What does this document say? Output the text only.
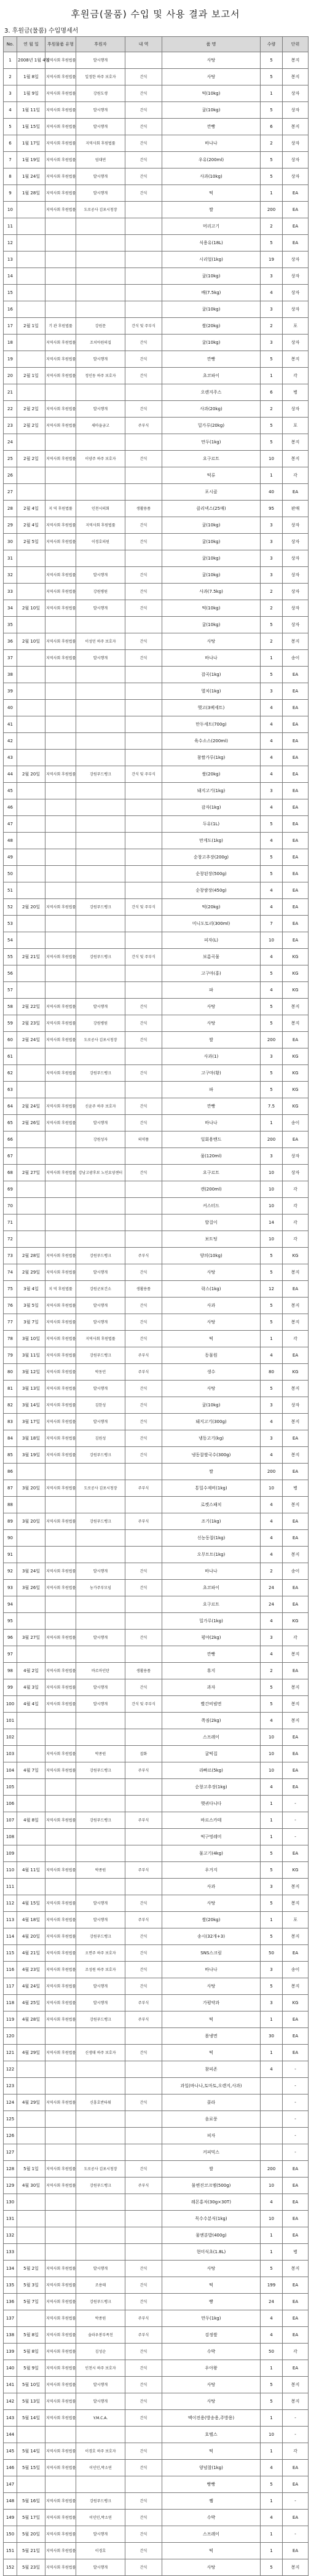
후원금(물품) 수입 및 사용 결과 보고서
3. 후원금(물품) 수입명세서
No.	연 월 일	후원물품 유형	후원자	내 역	품 명	수량	단위
1	2008년 1월 4일	지역사회 후원법률	발시행개		사탕	5	봉지
2	1월 8일	지역사회 후원법률	일정한 하주 보호자	간식	사탕	5	봉지
3	1월 9일	지역사회 후원법률	강원도생	간식	떡(10kg)	1	상자
4	1월 11일	지역사회 후원법률	발시행개	간식	귤(10kg)	5	상자
5	1월 15일	지역사회 후원법률	발시행개	간식	깐빵	6	봉지
6	1월 17일	지역사회 후원법률	지역사회 후원법률	간식	바나나	2	상자
7	1월 19일	지역사회 후원법률	엄대연	간식	우유(200ml)	5	상자
8	1월 24일	지역사회 후원법률	발시행개	간식	사과(10kg)	5	상자
9	1월 28일	지역사회 후원법률	발시행개	간식	떡	1	EA
10		지역사회 후원법률	도로공사 김포시청장		쌀	200	EA
11					머리고기	2	EA
12					식용유(18L)	5	EA
13					시리얼(1kg)	19	상자
14					귤(10kg)	3	상자
15					배(7.5kg)	4	상자
16					귤(10kg)	3	상자
17	2월 1일	기 관 후원법률	강원문	간식 및 주부식	쌀(20kg)	2	포
18		지역사회 후원법률	조치아원의집	간식	귤(10kg)	3	상자
19		지역사회 후원법률	발시행개	간식	깐빵	5	봉지
20	2월 1일	지역사회 후원법률	정인동 하주 보호자	간식	초코파이	1	각
21					오렌지주스	6	병
22	2월 2일	지역사회 후원법률	발시행개	간식	사과(20kg)	2	상자
23	2월 2일	지역사회 후원법률	새마을금고	주부식	밀가루(20kg)	5	포
24					만두(1kg)	5	봉지
25	2월 2일	지역사회 후원법률	이양주 하주 보호자	간식	요구르트	10	봉지
26					떡류	1	각
27					포시클	40	EA
28	2월 4일	지 역 후원법률	인천시의회	생활용품	클리넥스(25매)	95	판매
29	2월 4일	지역사회 후원법률	지역사회 후원법률	간식	귤(10kg)	3	상자
30	2월 5일	지역사회 후원법률	이경호의원	간식	귤(10kg)	3	상자
31					귤(10kg)	3	상자
32		지역사회 후원법률	발시행개	간식	귤(10kg)	3	상자
33		지역사회 후원법률	강원병원	간식	사과(7.5kg)	2	상자
34	2월 10일	지역사회 후원법률	발시행개	간식	떡(10kg)	2	상자
35					귤(10kg)	5	상자
36	2월 10일	지역사회 후원법률	이성민 하주 보호자	간식	사탕	2	봉지
37		지역사회 후원법률	발시행개	간식	바나나	1	송이
38					잡곡(1kg)	5	EA
39					멸치(1kg)	3	EA
40					햇고(3팩세트)	4	EA
41					만두세트(700g)	4	EA
42					육수소스(200ml)	4	EA
43					참쌀가루(1kg)	4	EA
44	2월 20일	지역사회 후원법률	강원푸드뱅크	간식 및 주부식	쌀(20kg)	4	EA
45					돼지고기(1kg)	3	EA
46					감자(1kg)	4	EA
47					두유(1L)	5	EA
48					만게도(1kg)	4	EA
49					순창고추장(200g)	5	EA
50					순창된장(500g)	5	EA
51					순창쌈장(450g)	4	EA
52	2월 20일	지역사회 후원법률	강원푸드뱅크	간식 및 주부식	떡(20kg)	4	EA
53					미니도토리(300ml)	7	EA
54					피자(L)	10	EA
55	2월 21일	지역사회 후원법률	강원푸드뱅크	간식 및 주부식	보름곡물	4	KG
56					고구마(홍)	5	KG
57					파	4	KG
58	2월 22일	지역사회 후원법률	발시행개	간식	사탕	5	봉지
59	2월 23일	지역사회 후원법률	강원병원	간식	사탕	5	봉지
60	2월 24일	지역사회 후원법률	도로공사 김포시청장	간식	쌀	200	EA
61					사과(1)	3	KG
62		지역사회 후원법률	강원푸드뱅크	간식	고구마(황)	5	KG
63					파	5	KG
64	2월 24일	지역사회 후원법률	신윤주 하주 보호자	간식	깐빵	7.5	KG
65	2월 26일	지역사회 후원법률	발시행개	간식	바나나	1	송이
66			강원성자	의약품	일회용밴드	200	EA
67					물(120ml)	3	상자
68	2월 27일	지역사회 후원법률	강남고광후보 노인요양센터	간식	요구르트	10	상자
69					캔(200ml)	10	각
70					커스터드	10	각
71					발걸이	14	각
72					보트팅	10	각
73	2월 28일	지역사회 후원법률	강원푸드뱅크	주부식	양의(10kg)	5	KG
74	2월 29일	지역사회 후원법률	발시행개	간식	사탕	5	봉지
75	3월 4일	지 역 후원법률	강원군보건소	생활용품	락스(1kg)	12	EA
76	3월 5일	지역사회 후원법률	발시행개	간식	사과	5	봉지
77	3월 7일	지역사회 후원법률	발시행개	간식	사탕	5	봉지
78	3월 10일	지역사회 후원법률	지역사회 후원법률	간식	떡	1	각
79	3월 11일	지역사회 후원법률	강원푸드뱅크	주부식	동물원	4	EA
80	3월 12일	지역사회 후원법률	박동민	주부식	생수	80	KG
81	3월 13일	지역사회 후원법률	발시행개	간식	사탕	5	봉지
82	3월 14일	지역사회 후원법률	김한성	간식	귤(10kg)	3	상자
83	3월 17일	지역사회 후원법률	발시행개	간식	돼지고기(300g)	4	봉지
84	3월 18일	지역사회 후원법률	김원성	간식	냉동고기(kg)	3	EA
85	3월 19일	지역사회 후원법률	강원푸드뱅크	간식	냉동찹쌀국수(300g)	4	봉지
86					쌀	200	EA
87	3월 20일	지역사회 후원법률	도로공사 김포시청장	주부식	통밀수제비(1kg)	10	병
88					로켓스패치	4	봉지
89	3월 20일	지역사회 후원법률	강원푸드뱅크	주부식	조기(1kg)	4	EA
90					신농동찹(1kg)	4	EA
91					오무트트(1kg)	4	봉지
92	3월 24일	지역사회 후원법률	발시행개	간식	바나나	2	송이
93	3월 26일	지역사회 후원법률	농가주부모임	간식	초코파이	24	EA
94					요구르트	24	EA
95					밀가루(1kg)	4	KG
96	3월 27일	지역사회 후원법률	발시행개	간식	평야(2kg)	3	각
97					깐빵	4	봉지
98	4월 2일	지역사회 후원법률	바르마인탄	생활용품	휴지	2	EA
99	4월 3일	지역사회 후원법률	발시행개	간식	과자	5	봉지
100	4월 4일	지역사회 후원법률	발시행개	간식 및 주부식	빨간비빔면	5	봉지
101					쪽짐(2kg)	4	봉지
102					스프레이	10	EA
103		지역사회 후원법률	박종원	잡화	귤떡집	10	EA
104	4월 7일	지역사회 후원법률	강원푸드뱅크	주부식	라빠르(5kg)	10	EA
105					순창고추장(1kg)	4	EA
106					햇귀다니다	1	-
107	4월 8일	지역사회 후원법률	강원푸드뱅크	주부식	바르스카테	1	-
108					떡구멍레미	1	-
109					물고기(4kg)	5	EA
110	4월 11일	지역사회 후원법률	박종원	주부식	우거지	5	KG
111					사과	3	봉지
112	4월 15일	지역사회 후원법률	발시행개	간식	사탕	5	봉지
113	4월 18일	지역사회 후원법률	발시행개	주부식	쌀(20kg)	1	포
114	4월 20일	지역사회 후원법률	강원푸드뱅크	간식	송시(32개+3)	5	봉지
115	4월 21일	지역사회 후원법률	오면주 하주 보호자	간식	SNS스크림	50	EA
116	4월 23일	지역사회 후원법률	조성원 하주 보호자	간식	바나나	3	송이
117	4월 24일	지역사회 후원법률	발시행개	간식	사탕	5	봉지
118	4월 25일	지역사회 후원법률	발시행개	주부식	가평약과	3	KG
119	4월 28일	지역사회 후원법률	강원푸드뱅크	주부식	떡	1	EA
120					롤냉면	30	EA
121	4월 29일	지역사회 후원법률	신생대 하주 보호자	간식	떡	1	EA
122					참피존	4	-
123					과일(바나나,토마토,오렌지,사과)		-
124	4월 29일	지역사회 후원법률	신흥호반타워	간식	콜라		-
125					음료풍		-
126					피자		-
127					커피믹스		-
128	5월 1일	지역사회 후원법률	도로공사 김포시청장	간식	쌀	200	EA
129	4월 30일	지역사회 후원법률	강원푸드뱅크	주부식	물엔진코크엠(500g)	10	EA
130					레몬홍차(30g×30T)	4	EA
131					묵수수분식(1kg)	10	EA
132					물엔분밥(400g)	1	EA
133					현미식초(1.8L)	1	병
134	5월 2일	지역사회 후원법률	발시행개	간식	사탕	5	봉지
135	5월 3일	지역사회 후원법률	조용태	간식	떡	199	EA
136	5월 7일	지역사회 후원법률	강원푸드뱅크	간식	빵	24	EA
137		지역사회 후원법률	박종원	주부식	만두(1kg)	4	EA
138	5월 8일	지역사회 후원법률	솔라우봉부족친	주부식	검정쌀	4	EA
139	5월 8일	지역사회 후원법률	김성순	간식	수박	50	각
140	5월 9일	지역사회 후원법률	인천시 하주 보호자	간식	우아왕	1	EA
141	5월 10일	지역사회 후원법률	발시행개	간식	사탕	5	봉지
142	5월 13일	지역사회 후원법률	발시행개	간식	사탕	5	봉지
143	5월 14일	지역사회 후원법률	Y.M.C.A.	간식	멕이전용(방송용,주방용)	1	-
144					호텔스	10	-
145	5월 14일	지역사회 후원법률	이경호 하주 보호자	간식	떡	1	각
146	5월 15일	지역사회 후원법률	이인민,박소연	간식	양념찰(1kg)	4	EA
147					빵빵	5	EA
148	5월 16일	지역사회 후원법률	강원푸드뱅크	간식	쨈	1	-
149	5월 17일	지역사회 후원법률	이인민,박소연	간식	수박	4	EA
150	5월 20일	지역사회 후원법률	발시행개	간식	스프레이	1	-
151	5월 21일	지역사회 후원법률	이경호	간식	떡	1	EA
152	5월 23일	지역사회 후원법률	발시행개	간식	사탕	5	봉지
